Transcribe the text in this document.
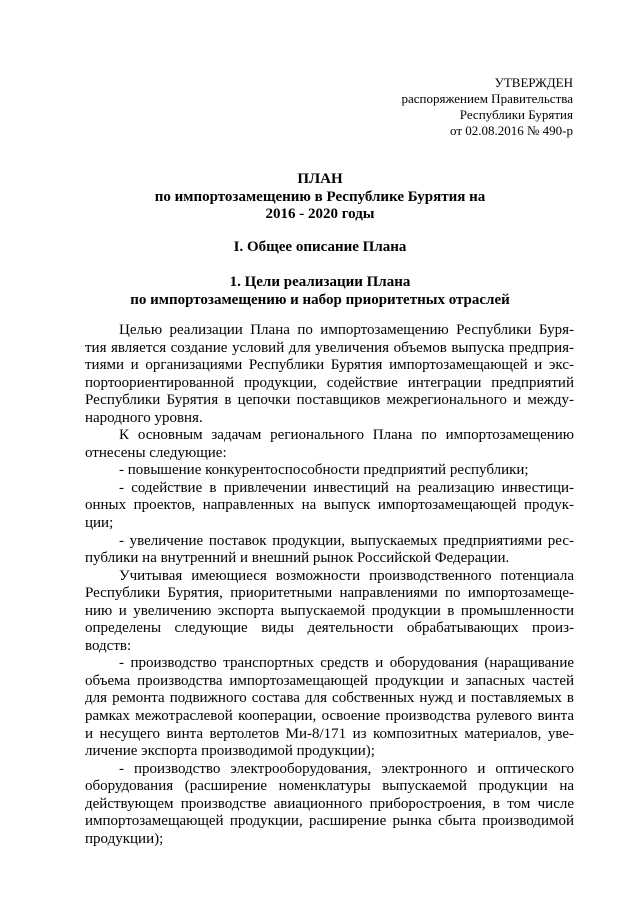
УТВЕРЖДЕН
распоряжением Правительства
Республики Бурятия
от 02.08.2016 № 490-р
ПЛАН
по импортозамещению в Республике Бурятия на
2016 - 2020 годы
I. Общее описание Плана
1. Цели реализации Плана
по импортозамещению и набор приоритетных отраслей
Целью реализации Плана по импортозамещению Республики Буря-
тия является создание условий для увеличения объемов выпуска предприя-
тиями и организациями Республики Бурятия импортозамещающей и экс-
портоориентированной продукции, содействие интеграции предприятий
Республики Бурятия в цепочки поставщиков межрегионального и между-
народного уровня.
К основным задачам регионального Плана по импортозамещению
отнесены следующие:
- повышение конкурентоспособности предприятий республики;
- содействие в привлечении инвестиций на реализацию инвестици-
онных проектов, направленных на выпуск импортозамещающей продук-
ции;
- увеличение поставок продукции, выпускаемых предприятиями рес-
публики на внутренний и внешний рынок Российской Федерации.
Учитывая имеющиеся возможности производственного потенциала
Республики Бурятия, приоритетными направлениями по импортозамеще-
нию и увеличению экспорта выпускаемой продукции в промышленности
определены следующие виды деятельности обрабатывающих произ-
водств:
- производство транспортных средств и оборудования (наращивание
объема производства импортозамещающей продукции и запасных частей
для ремонта подвижного состава для собственных нужд и поставляемых в
рамках межотраслевой кооперации, освоение производства рулевого винта
и несущего винта вертолетов Ми-8/171 из композитных материалов, уве-
личение экспорта производимой продукции);
- производство электрооборудования, электронного и оптического
оборудования (расширение номенклатуры выпускаемой продукции на
действующем производстве авиационного приборостроения, в том числе
импортозамещающей продукции, расширение рынка сбыта производимой
продукции);
